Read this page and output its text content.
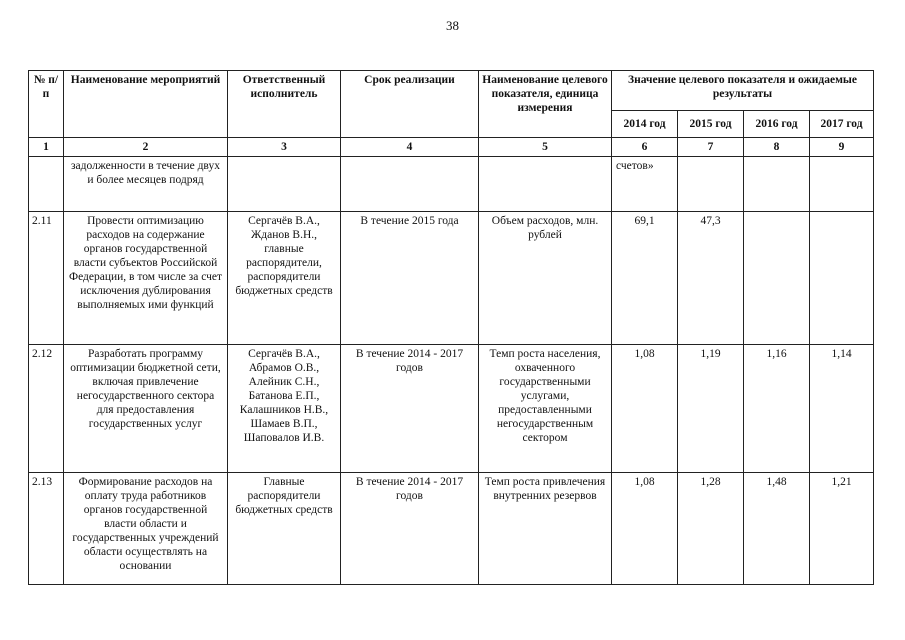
38
№ п/п	Наименование мероприятий	Ответственный исполнитель	Срок реализации	Наименование целевого показателя, единица измерения	Значение целевого показателя и ожидаемые результаты			
					2014 год	2015 год	2016 год	2017 год
1	2	3	4	5	6	7	8	9
	задолженности в течение двух и более месяцев подряд				счетов»			
2.11	Провести оптимизацию расходов на содержание органов государственной власти субъектов Российской Федерации, в том числе за счет исключения дублирования выполняемых ими функций	Сергачёв В.А., Жданов В.Н., главные распорядители, распорядители бюджетных средств	В течение 2015 года	Объем расходов, млн. рублей	69,1	47,3		
2.12	Разработать программу оптимизации бюджетной сети, включая привлечение негосударственного сектора для предоставления государственных услуг	Сергачёв В.А., Абрамов О.В., Алейник С.Н., Батанова Е.П., Калашников Н.В., Шамаев В.П., Шаповалов И.В.	В течение 2014 - 2017 годов	Темп роста населения, охваченного государственными услугами, предоставленными негосударственным сектором	1,08	1,19	1,16	1,14
2.13	Формирование расходов на оплату труда работников органов государственной власти области и государственных учреждений области осуществлять на основании	Главные распорядители бюджетных средств	В течение 2014 - 2017 годов	Темп роста привлечения внутренних резервов	1,08	1,28	1,48	1,21
